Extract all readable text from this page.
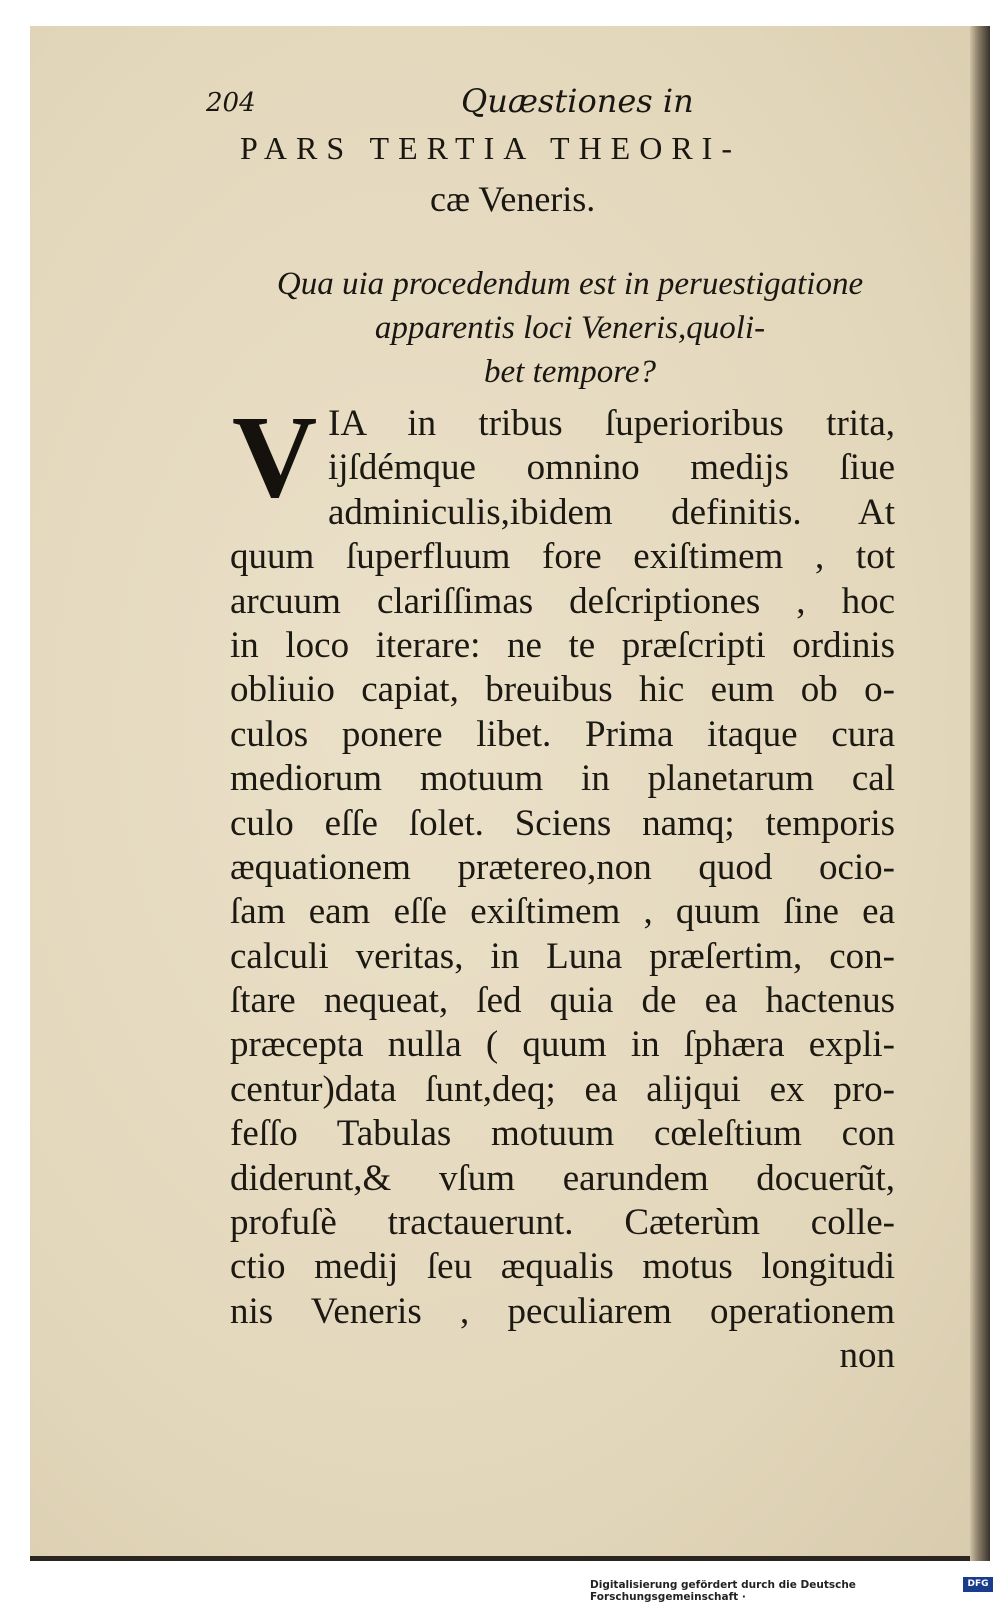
204	Quæstiones in
PARS TERTIA THEORI-
cæ Veneris.
Qua uia procedendum est in peruestigatione
apparentis loci Veneris,quoli-
bet tempore?
V IA in tribus ſuperioribus trita,
ijſdémque omnino medijs ſiue
adminiculis,ibidem definitis. At
quum ſuperfluum fore exiſtimem , tot
arcuum clariſſimas deſcriptiones , hoc
in loco iterare: ne te præſcripti ordinis
obliuio capiat, breuibus hic eum ob o-
culos ponere libet. Prima itaque cura
mediorum motuum in planetarum cal
culo eſſe ſolet. Sciens namq; temporis
æquationem prætereo,non quod ocio-
ſam eam eſſe exiſtimem , quum ſine ea
calculi veritas, in Luna præſertim, con-
ſtare nequeat, ſed quia de ea hactenus
præcepta nulla ( quum in ſphæra expli-
centur)data ſunt,deq; ea alijqui ex pro-
feſſo Tabulas motuum cœleſtium con
diderunt,& vſum earundem docuerũt,
profuſè tractauerunt. Cæterùm colle-
ctio medij ſeu æqualis motus longitudi
nis Veneris , peculiarem operationem
non
Digitalisierung gefördert durch die Deutsche Forschungsgemeinschaft ·
DFG
